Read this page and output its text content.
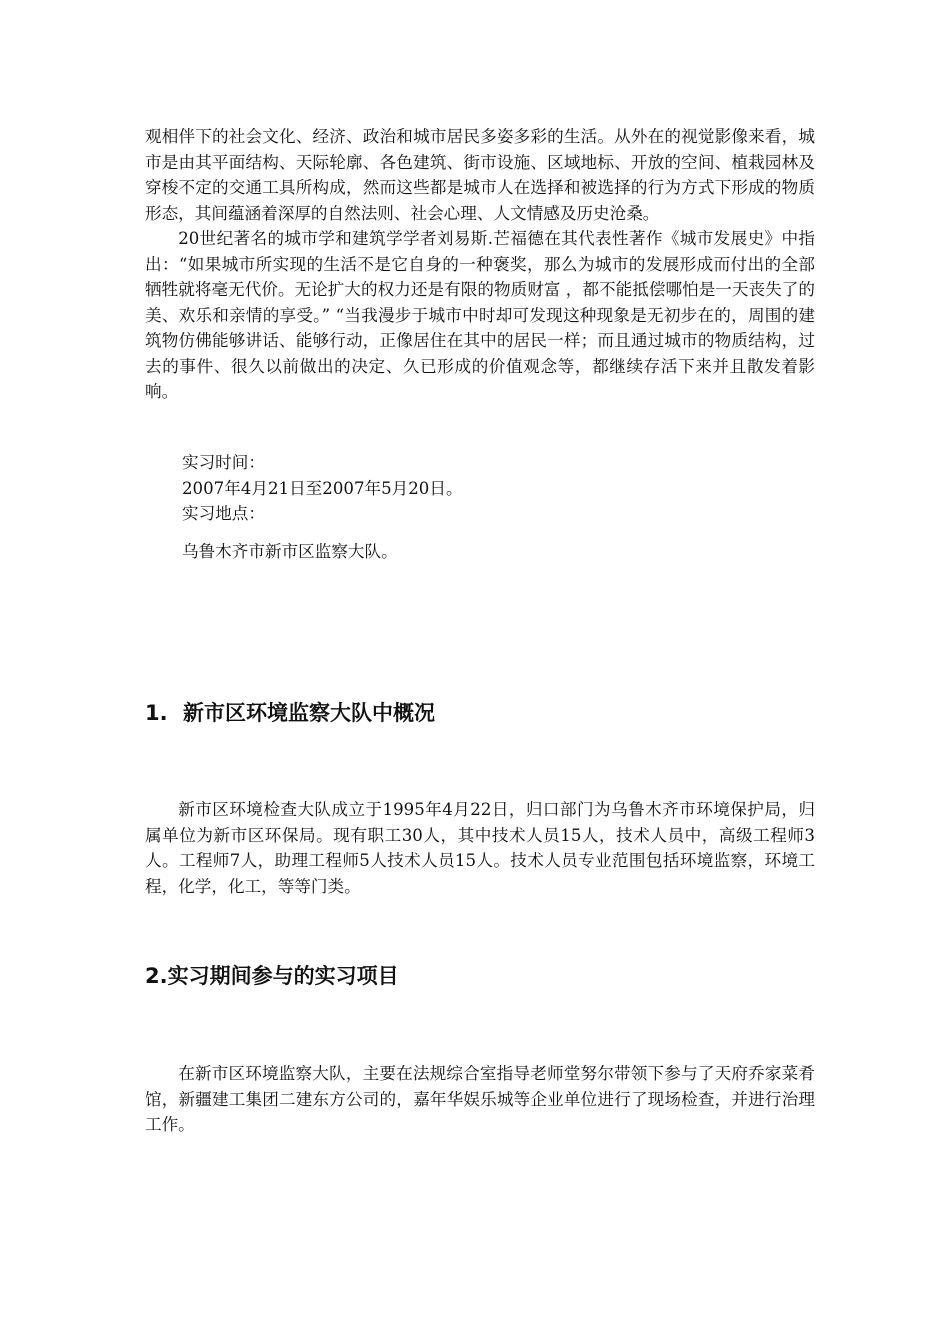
观相伴下的社会文化、经济、政治和城市居民多姿多彩的生活。从外在的视觉影像来看，城市是由其平面结构、天际轮廓、各色建筑、街市设施、区域地标、开放的空间、植栽园林及穿梭不定的交通工具所构成，然而这些都是城市人在选择和被选择的行为方式下形成的物质形态，其间蕴涵着深厚的自然法则、社会心理、人文情感及历史沧桑。

20世纪著名的城市学和建筑学学者刘易斯.芒福德在其代表性著作《城市发展史》中指出：“如果城市所实现的生活不是它自身的一种褒奖，那么为城市的发展形成而付出的全部牺牲就将毫无代价。无论扩大的权力还是有限的物质财富 ，都不能抵偿哪怕是一天丧失了的美、欢乐和亲情的享受。” “当我漫步于城市中时却可发现这种现象是无初步在的，周围的建筑物仿佛能够讲话、能够行动，正像居住在其中的居民一样；而且通过城市的物质结构，过去的事件、很久以前做出的决定、久已形成的价值观念等，都继续存活下来并且散发着影响。

实习时间：

2007年4月21日至2007年5月20日。

实习地点：

乌鲁木齐市新市区监察大队。

1. 新市区环境监察大队中概况

新市区环境检查大队成立于1995年4月22日，归口部门为乌鲁木齐市环境保护局，归属单位为新市区环保局。现有职工30人，其中技术人员15人，技术人员中，高级工程师3人。工程师7人，助理工程师5人技术人员15人。技术人员专业范围包括环境监察，环境工程，化学，化工，等等门类。

2.实习期间参与的实习项目

在新市区环境监察大队，主要在法规综合室指导老师堂努尔带领下参与了天府乔家菜肴馆，新疆建工集团二建东方公司的，嘉年华娱乐城等企业单位进行了现场检查，并进行治理工作。
